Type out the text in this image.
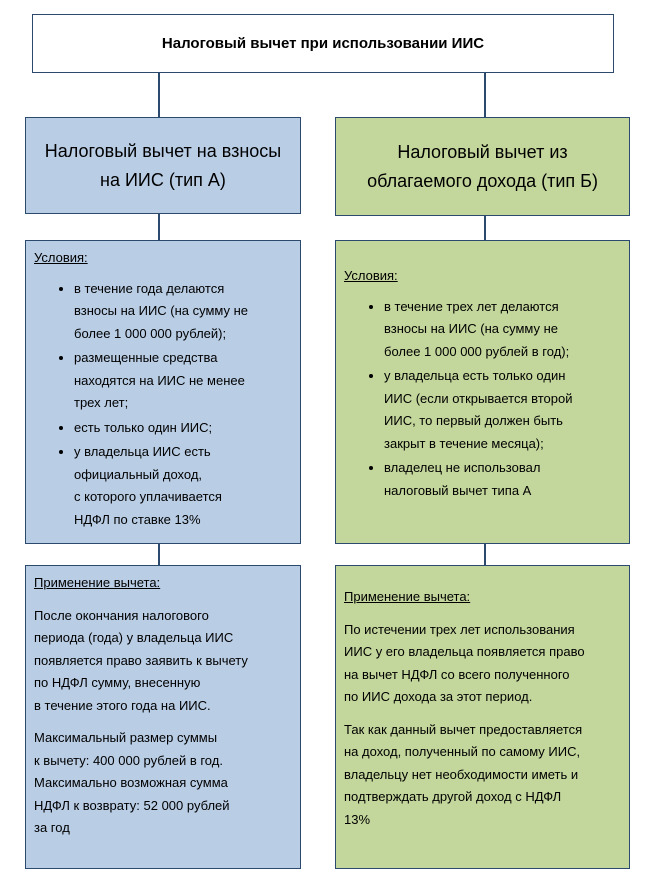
Налоговый вычет при использовании ИИС
Налоговый вычет на взносы
на ИИС (тип А)
Налоговый вычет из
облагаемого дохода (тип Б)
Условия:
• в течение года делаются
взносы на ИИС (на сумму не
более 1 000 000 рублей);
• размещенные средства
находятся на ИИС не менее
трех лет;
• есть только один ИИС;
• у владельца ИИС есть
официальный доход,
с которого уплачивается
НДФЛ по ставке 13%
Условия:
• в течение трех лет делаются
взносы на ИИС (на сумму не
более 1 000 000 рублей в год);
• у владельца есть только один
ИИС (если открывается второй
ИИС, то первый должен быть
закрыт в течение месяца);
• владелец не использовал
налоговый вычет типа А
Применение вычета:

После окончания налогового
периода (года) у владельца ИИС
появляется право заявить к вычету
по НДФЛ сумму, внесенную
в течение этого года на ИИС.

Максимальный размер суммы
к вычету: 400 000 рублей в год.
Максимально возможная сумма
НДФЛ к возврату: 52 000 рублей
за год

Применение вычета:

По истечении трех лет использования
ИИС у его владельца появляется право
на вычет НДФЛ со всего полученного
по ИИС дохода за этот период.

Так как данный вычет предоставляется
на доход, полученный по самому ИИС,
владельцу нет необходимости иметь и
подтверждать другой доход с НДФЛ
13%
